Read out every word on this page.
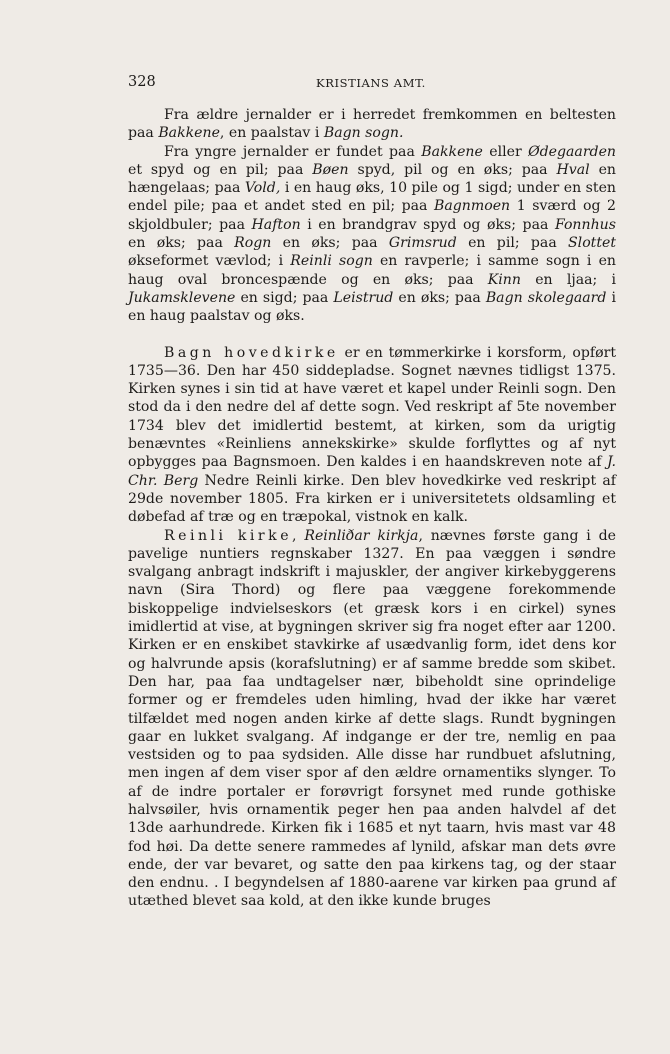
328	KRISTIANS AMT.

Fra ældre jernalder er i herredet fremkommen en beltesten paa Bakkene, en paalstav i Bagn sogn.

Fra yngre jernalder er fundet paa Bakkene eller Ødegaarden et spyd og en pil; paa Bøen spyd, pil og en øks; paa Hval en hængelaas; paa Vold, i en haug øks, 10 pile og 1 sigd; under en sten endel pile; paa et andet sted en pil; paa Bagnmoen 1 sværd og 2 skjoldbuler; paa Hafton i en brandgrav spyd og øks; paa Fonnhus en øks; paa Rogn en øks; paa Grimsrud en pil; paa Slottet økseformet vævlod; i Reinli sogn en ravperle; i samme sogn i en haug oval broncespænde og en øks; paa Kinn en ljaa; i Jukamsklevene en sigd; paa Leistrud en øks; paa Bagn skolegaard i en haug paalstav og øks.

Bagn hovedkirke er en tømmerkirke i korsform, opført 1735—36. Den har 450 siddepladse. Sognet nævnes tidligst 1375. Kirken synes i sin tid at have været et kapel under Reinli sogn. Den stod da i den nedre del af dette sogn. Ved reskript af 5te november 1734 blev det imidlertid bestemt, at kirken, som da urigtig benævntes «Reinliens annekskirke» skulde forflyttes og af nyt opbygges paa Bagnsmoen. Den kaldes i en haandskreven note af J. Chr. Berg Nedre Reinli kirke. Den blev hovedkirke ved reskript af 29de november 1805. Fra kirken er i universitetets oldsamling et døbefad af træ og en træpokal, vistnok en kalk.

Reinli kirke, Reinliðar kirkja, nævnes første gang i de pavelige nuntiers regnskaber 1327. En paa væggen i søndre svalgang anbragt indskrift i majuskler, der angiver kirkebyggerens navn (Sira Thord) og flere paa væggene forekommende biskoppelige indvielseskors (et græsk kors i en cirkel) synes imidlertid at vise, at bygningen skriver sig fra noget efter aar 1200. Kirken er en enskibet stavkirke af usædvanlig form, idet dens kor og halvrunde apsis (korafslutning) er af samme bredde som skibet. Den har, paa faa undtagelser nær, bibeholdt sine oprindelige former og er fremdeles uden himling, hvad der ikke har været tilfældet med nogen anden kirke af dette slags. Rundt bygningen gaar en lukket svalgang. Af indgange er der tre, nemlig en paa vestsiden og to paa sydsiden. Alle disse har rundbuet afslutning, men ingen af dem viser spor af den ældre ornamentiks slynger. To af de indre portaler er forøvrigt forsynet med runde gothiske halvsøiler, hvis ornamentik peger hen paa anden halvdel af det 13de aarhundrede. Kirken fik i 1685 et nyt taarn, hvis mast var 48 fod høi. Da dette senere rammedes af lynild, afskar man dets øvre ende, der var bevaret, og satte den paa kirkens tag, og der staar den endnu. . I begyndelsen af 1880-aarene var kirken paa grund af utæthed blevet saa kold, at den ikke kunde bruges
